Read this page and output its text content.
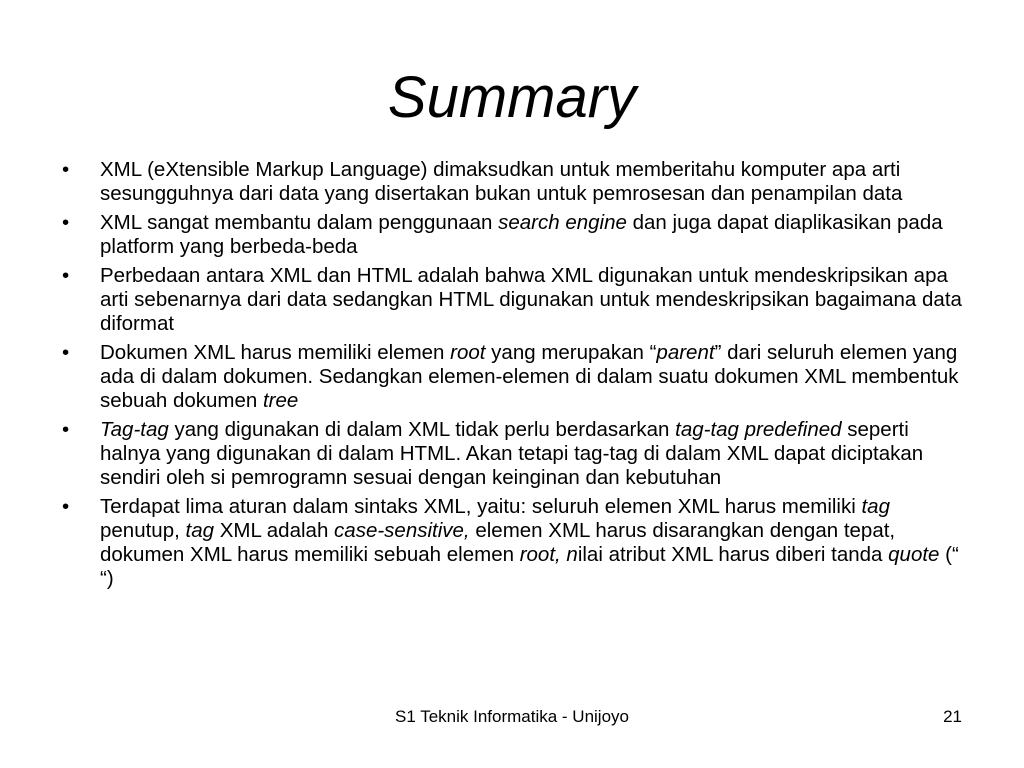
Summary
•	XML (eXtensible Markup Language) dimaksudkan untuk memberitahu komputer apa arti sesungguhnya dari data yang disertakan bukan untuk pemrosesan dan penampilan data
•	XML sangat membantu dalam penggunaan search engine dan juga dapat diaplikasikan pada platform yang berbeda-beda
•	Perbedaan antara XML dan HTML adalah bahwa XML digunakan untuk mendeskripsikan apa arti sebenarnya dari data sedangkan HTML digunakan untuk mendeskripsikan bagaimana data diformat
•	Dokumen XML harus memiliki elemen root yang merupakan “parent” dari seluruh elemen yang ada di dalam dokumen. Sedangkan elemen-elemen di dalam suatu dokumen XML membentuk sebuah dokumen tree
•	Tag-tag yang digunakan di dalam XML tidak perlu berdasarkan tag-tag predefined seperti halnya yang digunakan di dalam HTML. Akan tetapi tag-tag di dalam XML dapat diciptakan sendiri oleh si pemrogramn sesuai dengan keinginan dan kebutuhan
•	Terdapat lima aturan dalam sintaks XML, yaitu: seluruh elemen XML harus memiliki tag penutup, tag XML adalah case-sensitive, elemen XML harus disarangkan dengan tepat, dokumen XML harus memiliki sebuah elemen root, nilai atribut XML harus diberi tanda quote (“ “)
S1 Teknik Informatika - Unijoyo	21
